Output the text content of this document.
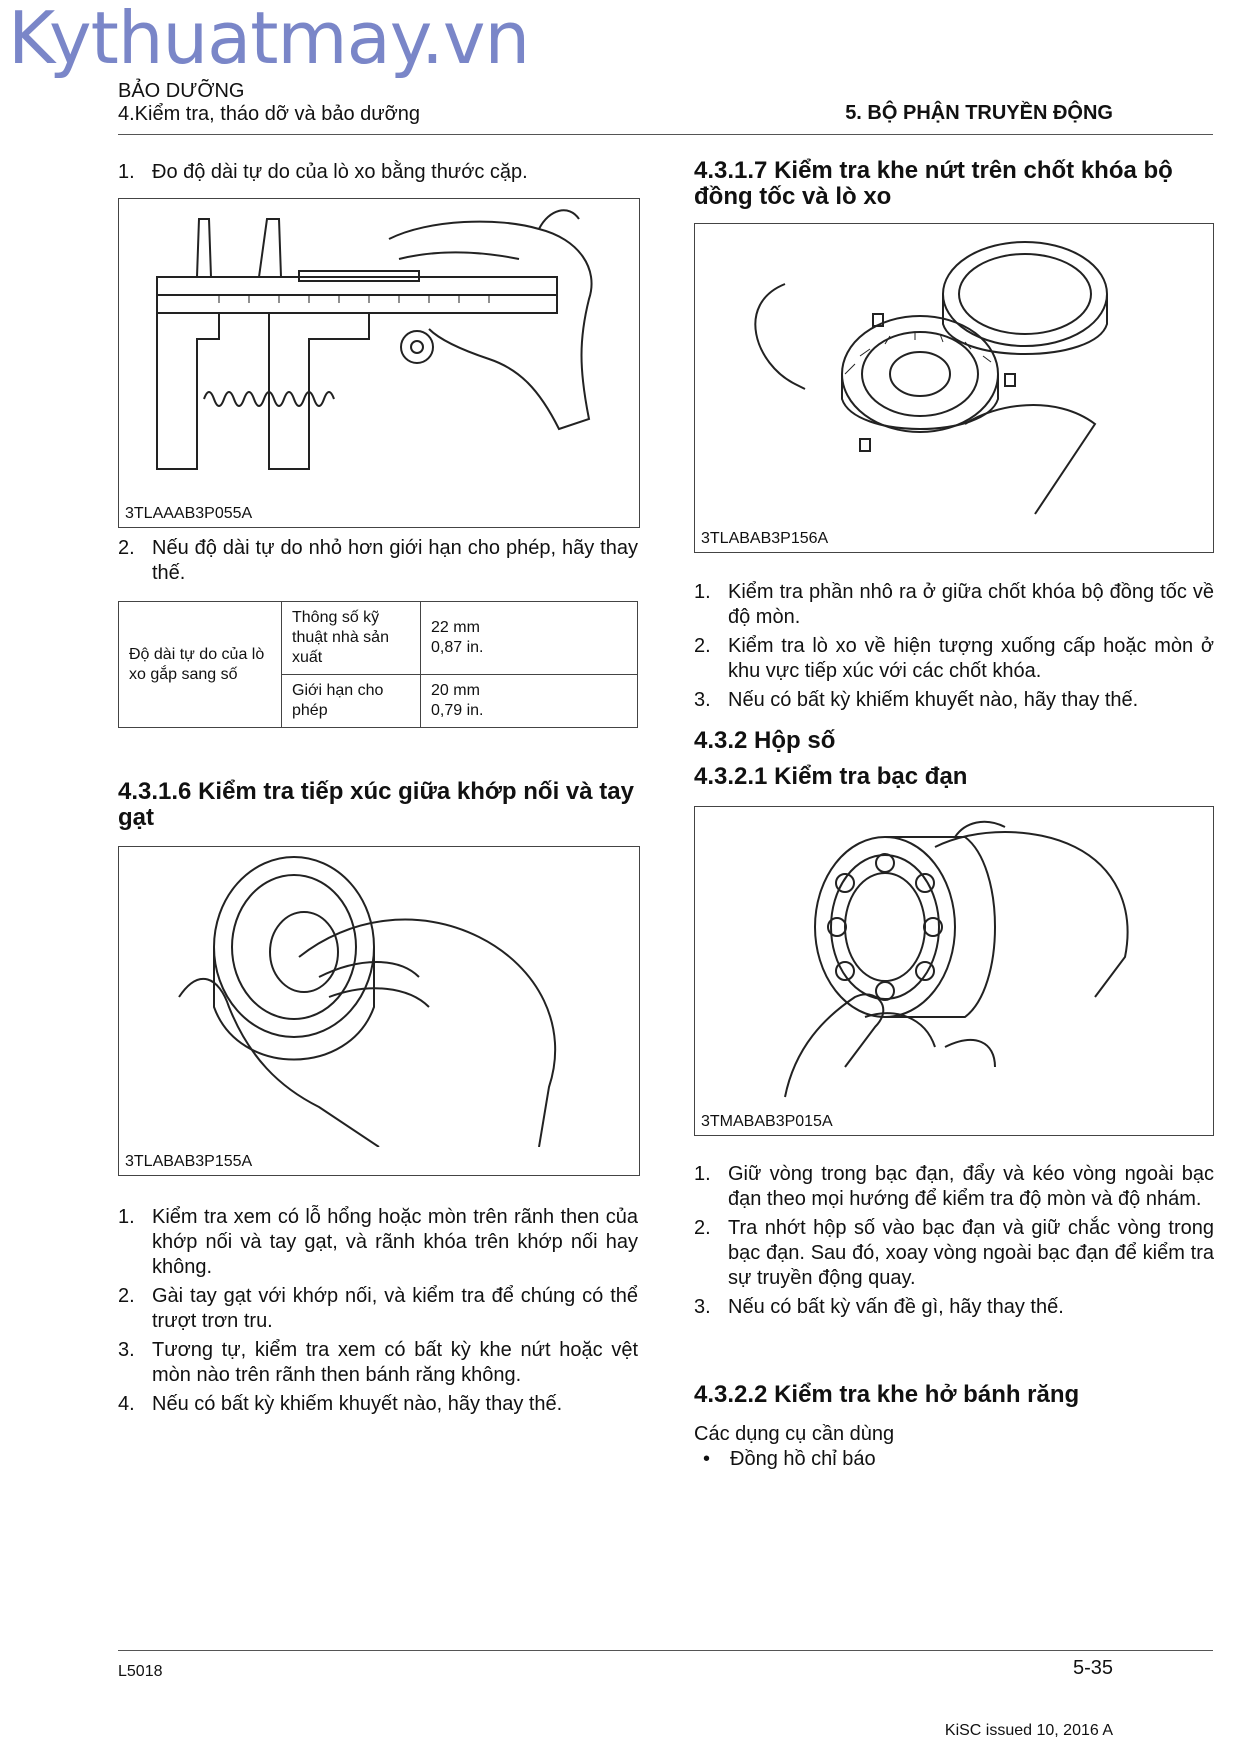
Kythuatmay.vn
BẢO DƯỠNG
4.Kiểm tra, tháo dỡ và bảo dưỡng	5. BỘ PHẬN TRUYỀN ĐỘNG
1. Đo độ dài tự do của lò xo bằng thước cặp.
3TLAAAB3P055A
2. Nếu độ dài tự do nhỏ hơn giới hạn cho phép, hãy thay thế.
Độ dài tự do của lò xo gắp sang số	Thông số kỹ thuật nhà sản xuất	22 mm
0,87 in.

	Giới hạn cho phép	20 mm
0,79 in.
4.3.1.6 Kiểm tra tiếp xúc giữa khớp nối và tay gạt
3TLABAB3P155A
1. Kiểm tra xem có lỗ hổng hoặc mòn trên rãnh then của khớp nối và tay gạt, và rãnh khóa trên khớp nối hay không.
2. Gài tay gạt với khớp nối, và kiểm tra để chúng có thể trượt trơn tru.
3. Tương tự, kiểm tra xem có bất kỳ khe nứt hoặc vệt mòn nào trên rãnh then bánh răng không.
4. Nếu có bất kỳ khiếm khuyết nào, hãy thay thế.
4.3.1.7 Kiểm tra khe nứt trên chốt khóa bộ đồng tốc và lò xo
3TLABAB3P156A
1. Kiểm tra phần nhô ra ở giữa chốt khóa bộ đồng tốc về độ mòn.
2. Kiểm tra lò xo về hiện tượng xuống cấp hoặc mòn ở khu vực tiếp xúc với các chốt khóa.
3. Nếu có bất kỳ khiếm khuyết nào, hãy thay thế.
4.3.2 Hộp số
4.3.2.1 Kiểm tra bạc đạn
3TMABAB3P015A
1. Giữ vòng trong bạc đạn, đẩy và kéo vòng ngoài bạc đạn theo mọi hướng để kiểm tra độ mòn và độ nhám.
2. Tra nhớt hộp số vào bạc đạn và giữ chắc vòng trong bạc đạn. Sau đó, xoay vòng ngoài bạc đạn để kiểm tra sự truyền động quay.
3. Nếu có bất kỳ vấn đề gì, hãy thay thế.
4.3.2.2 Kiểm tra khe hở bánh răng
Các dụng cụ cần dùng
• Đồng hồ chỉ báo
L5018	5-35
KiSC issued 10, 2016 A
